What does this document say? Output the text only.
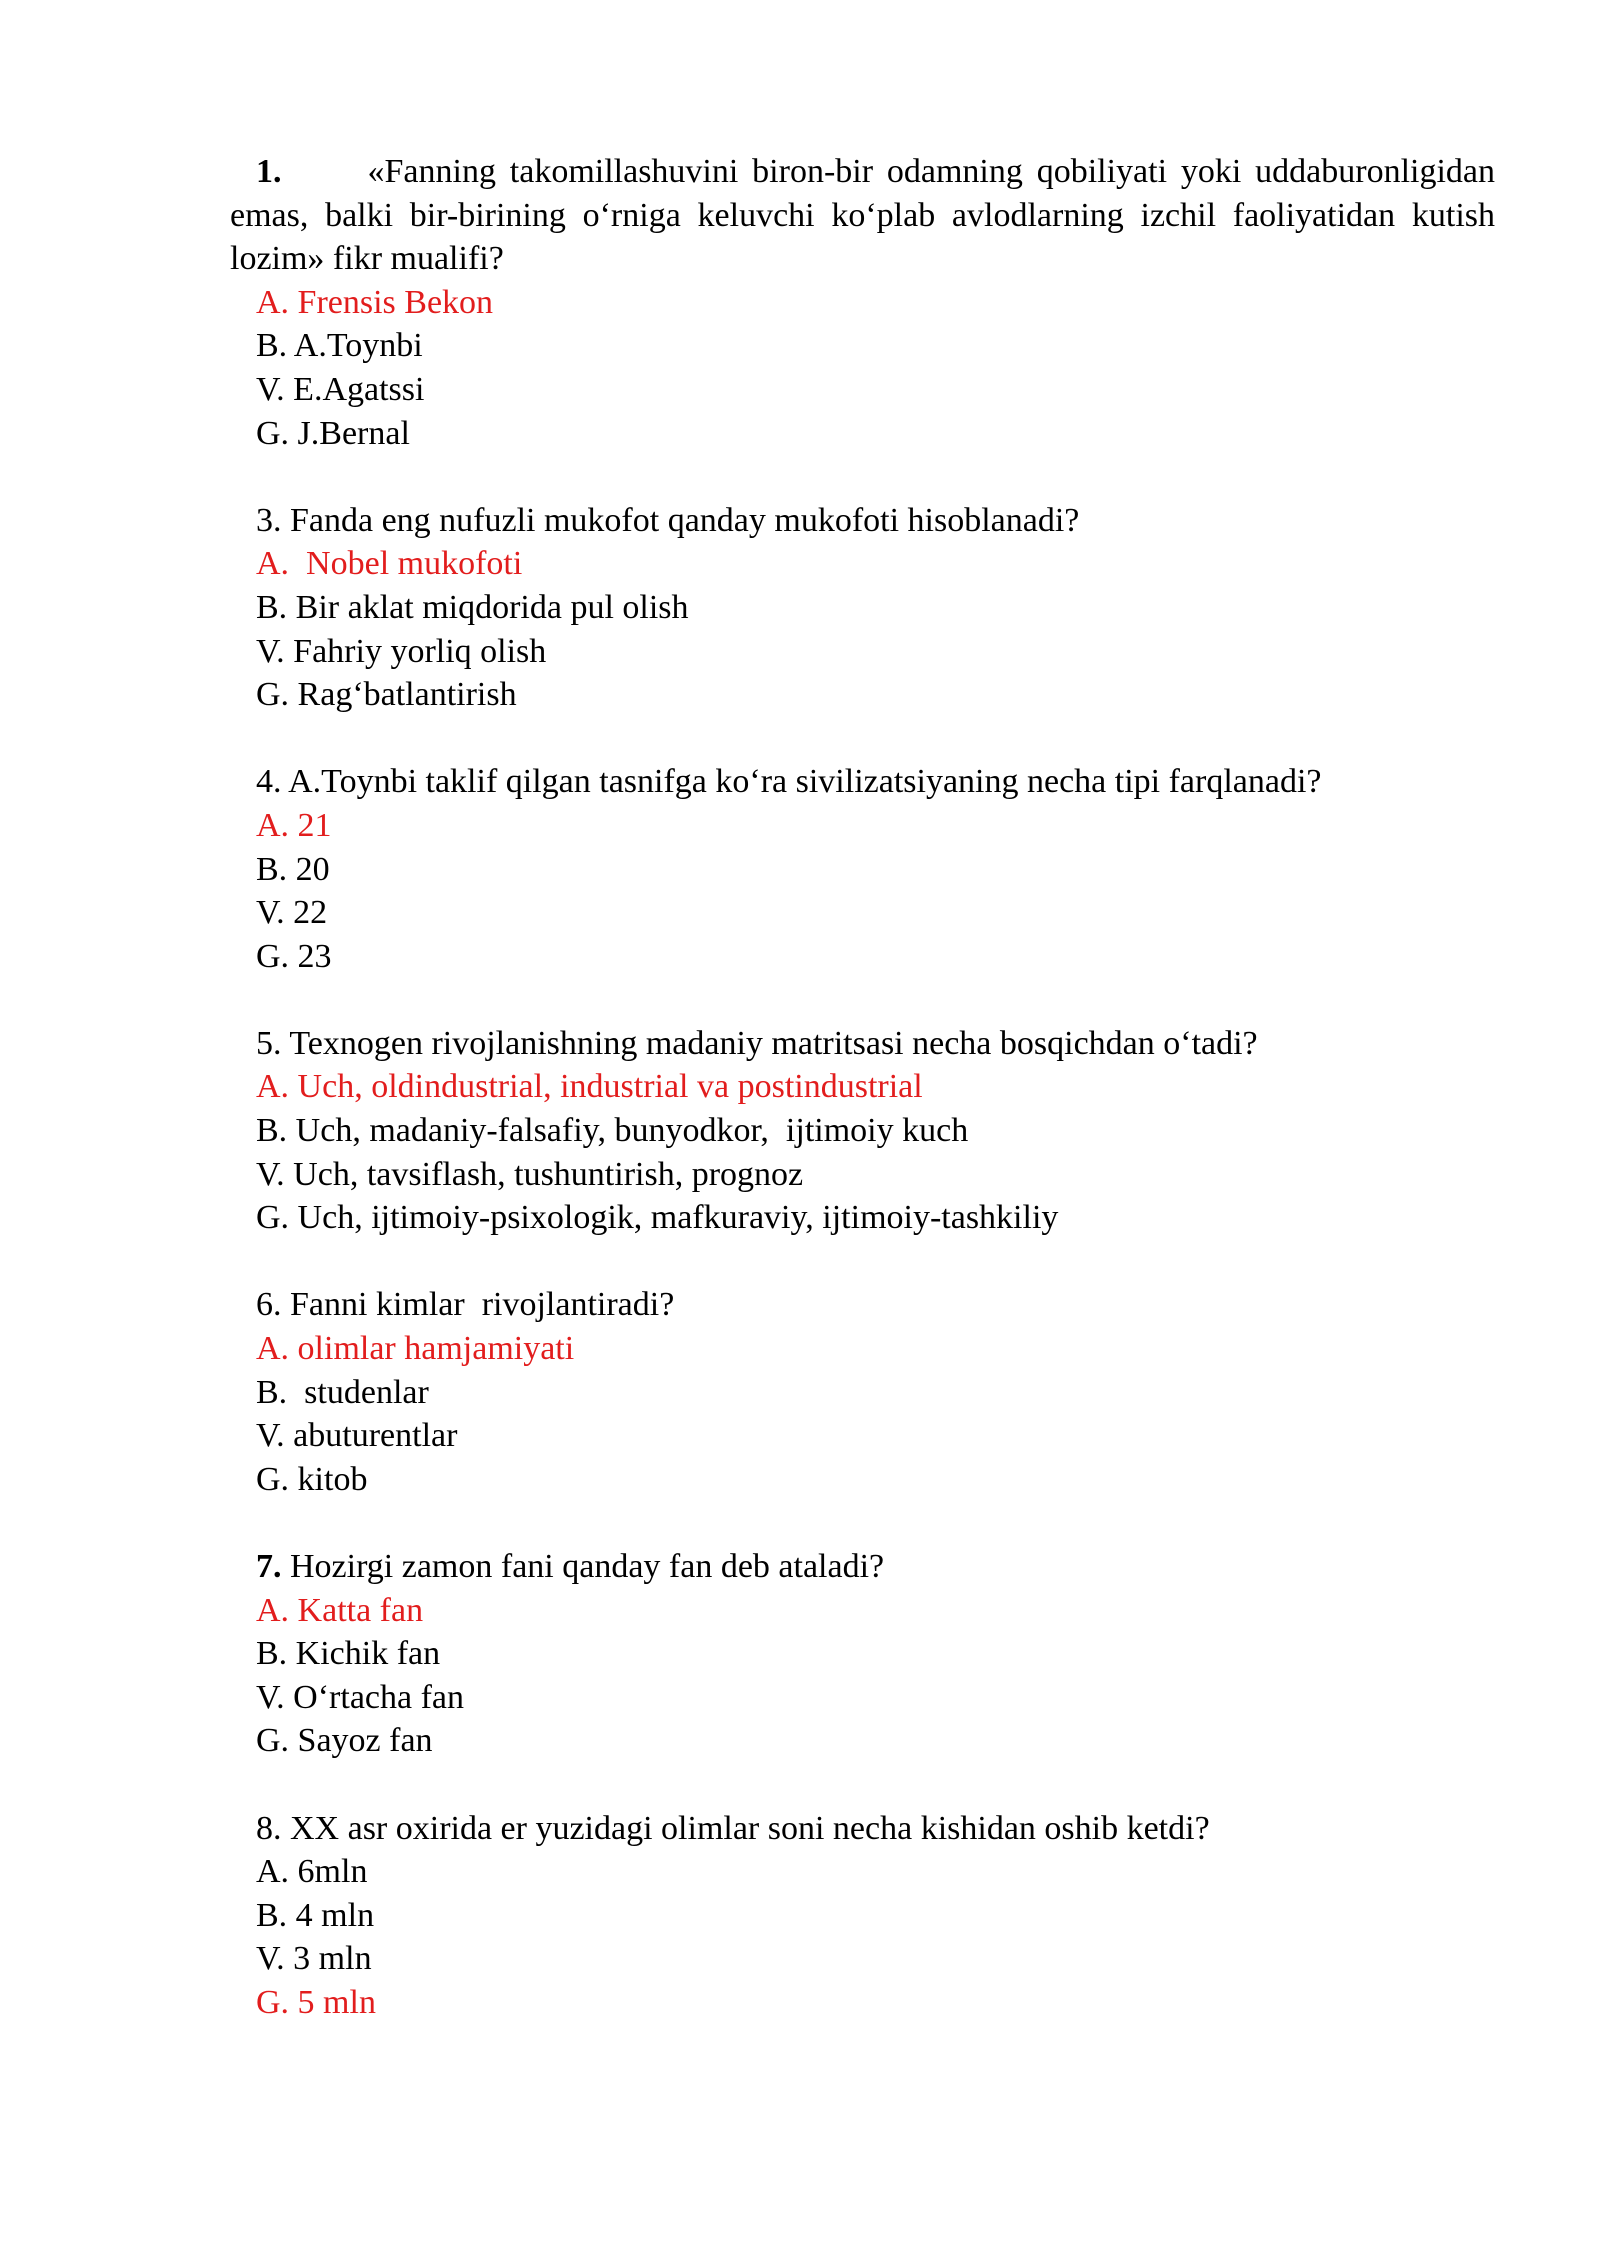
1.	«Fanning takomillashuvini biron-bir odamning qobiliyati yoki uddaburonligidan emas, balki bir-birining o‘rniga keluvchi ko‘plab avlodlarning izchil faoliyatidan kutish lozim» fikr mualifi?

A. Frensis Bekon

B. A.Toynbi

V. E.Agatssi

G. J.Bernal

3. Fanda eng nufuzli mukofot qanday mukofoti hisoblanadi?

A.  Nobel mukofoti

B. Bir aklat miqdorida pul olish

V. Fahriy yorliq olish

G. Rag‘batlantirish

4. A.Toynbi taklif qilgan tasnifga ko‘ra sivilizatsiyaning necha tipi farqlanadi?

A. 21

B. 20

V. 22

G. 23

5. Texnogen rivojlanishning madaniy matritsasi necha bosqichdan o‘tadi?

A. Uch, oldindustrial, industrial va postindustrial

B. Uch, madaniy-falsafiy, bunyodkor,  ijtimoiy kuch

V. Uch, tavsiflash, tushuntirish, prognoz

G. Uch, ijtimoiy-psixologik, mafkuraviy, ijtimoiy-tashkiliy

6. Fanni kimlar  rivojlantiradi?

A. olimlar hamjamiyati

B.  studenlar

V. abuturentlar

G. kitob

7. Hozirgi zamon fani qanday fan deb ataladi?

A. Katta fan

B. Kichik fan

V. O‘rtacha fan

G. Sayoz fan

8. XX asr oxirida er yuzidagi olimlar soni necha kishidan oshib ketdi?

A. 6mln

B. 4 mln

V. 3 mln

G. 5 mln
